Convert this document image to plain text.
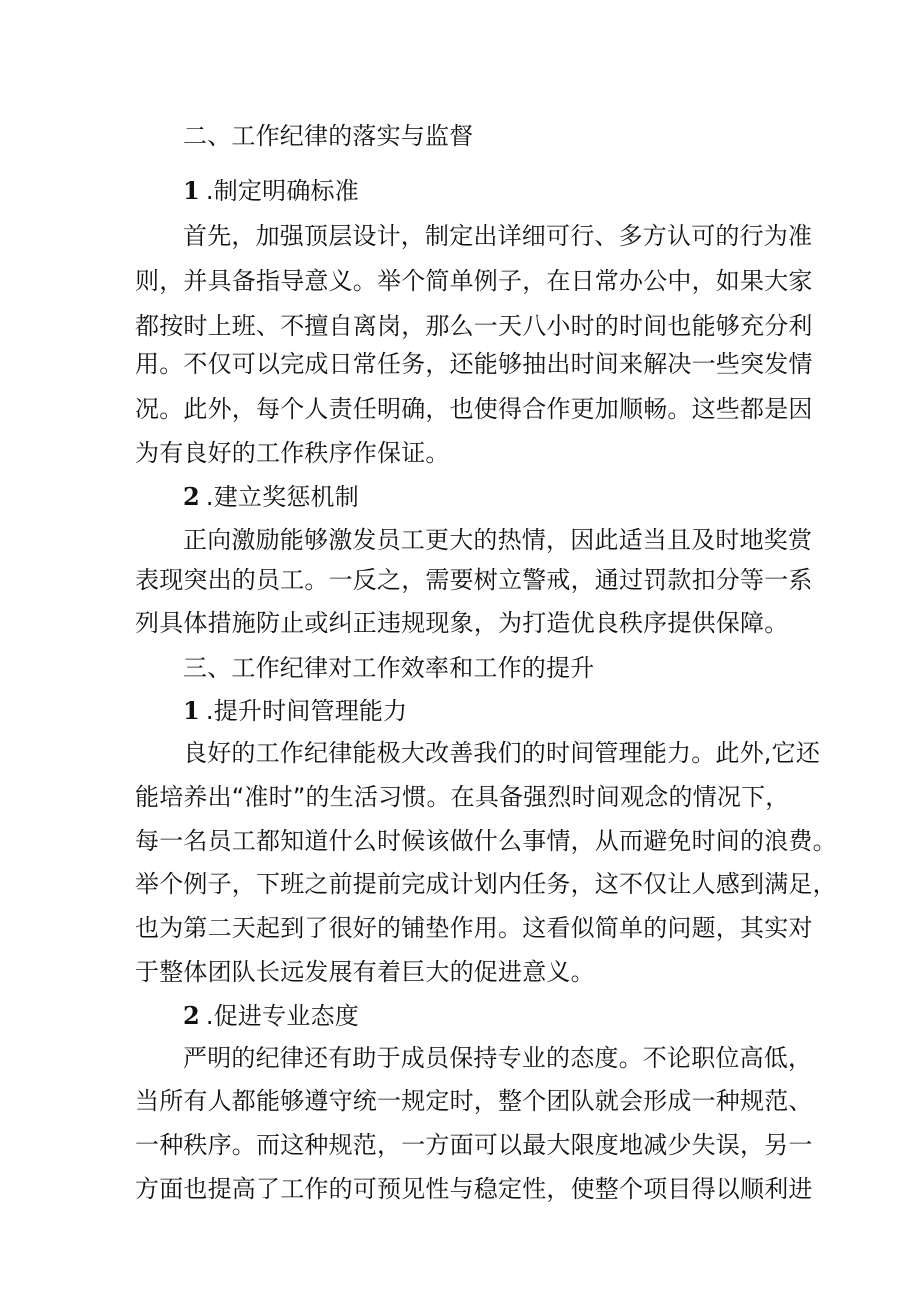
二、工作纪律的落实与监督
1 .制定明确标准
首先，加强顶层设计，制定出详细可行、多方认可的行为准
则，并具备指导意义。举个简单例子，在日常办公中，如果大家
都按时上班、不擅自离岗，那么一天八小时的时间也能够充分利
用。不仅可以完成日常任务，还能够抽出时间来解决一些突发情
况。此外，每个人责任明确，也使得合作更加顺畅。这些都是因
为有良好的工作秩序作保证。
2 .建立奖惩机制
正向激励能够激发员工更大的热情，因此适当且及时地奖赏
表现突出的员工。一反之，需要树立警戒，通过罚款扣分等一系
列具体措施防止或纠正违规现象，为打造优良秩序提供保障。
三、工作纪律对工作效率和工作的提升
1 .提升时间管理能力
良好的工作纪律能极大改善我们的时间管理能力。此外,它还
能培养出“准时”的生活习惯。在具备强烈时间观念的情况下，
每一名员工都知道什么时候该做什么事情，从而避免时间的浪费。
举个例子，下班之前提前完成计划内任务，这不仅让人感到满足，
也为第二天起到了很好的铺垫作用。这看似简单的问题，其实对
于整体团队长远发展有着巨大的促进意义。
2 .促进专业态度
严明的纪律还有助于成员保持专业的态度。不论职位高低，
当所有人都能够遵守统一规定时，整个团队就会形成一种规范、
一种秩序。而这种规范，一方面可以最大限度地减少失误，另一
方面也提高了工作的可预见性与稳定性，使整个项目得以顺利进
